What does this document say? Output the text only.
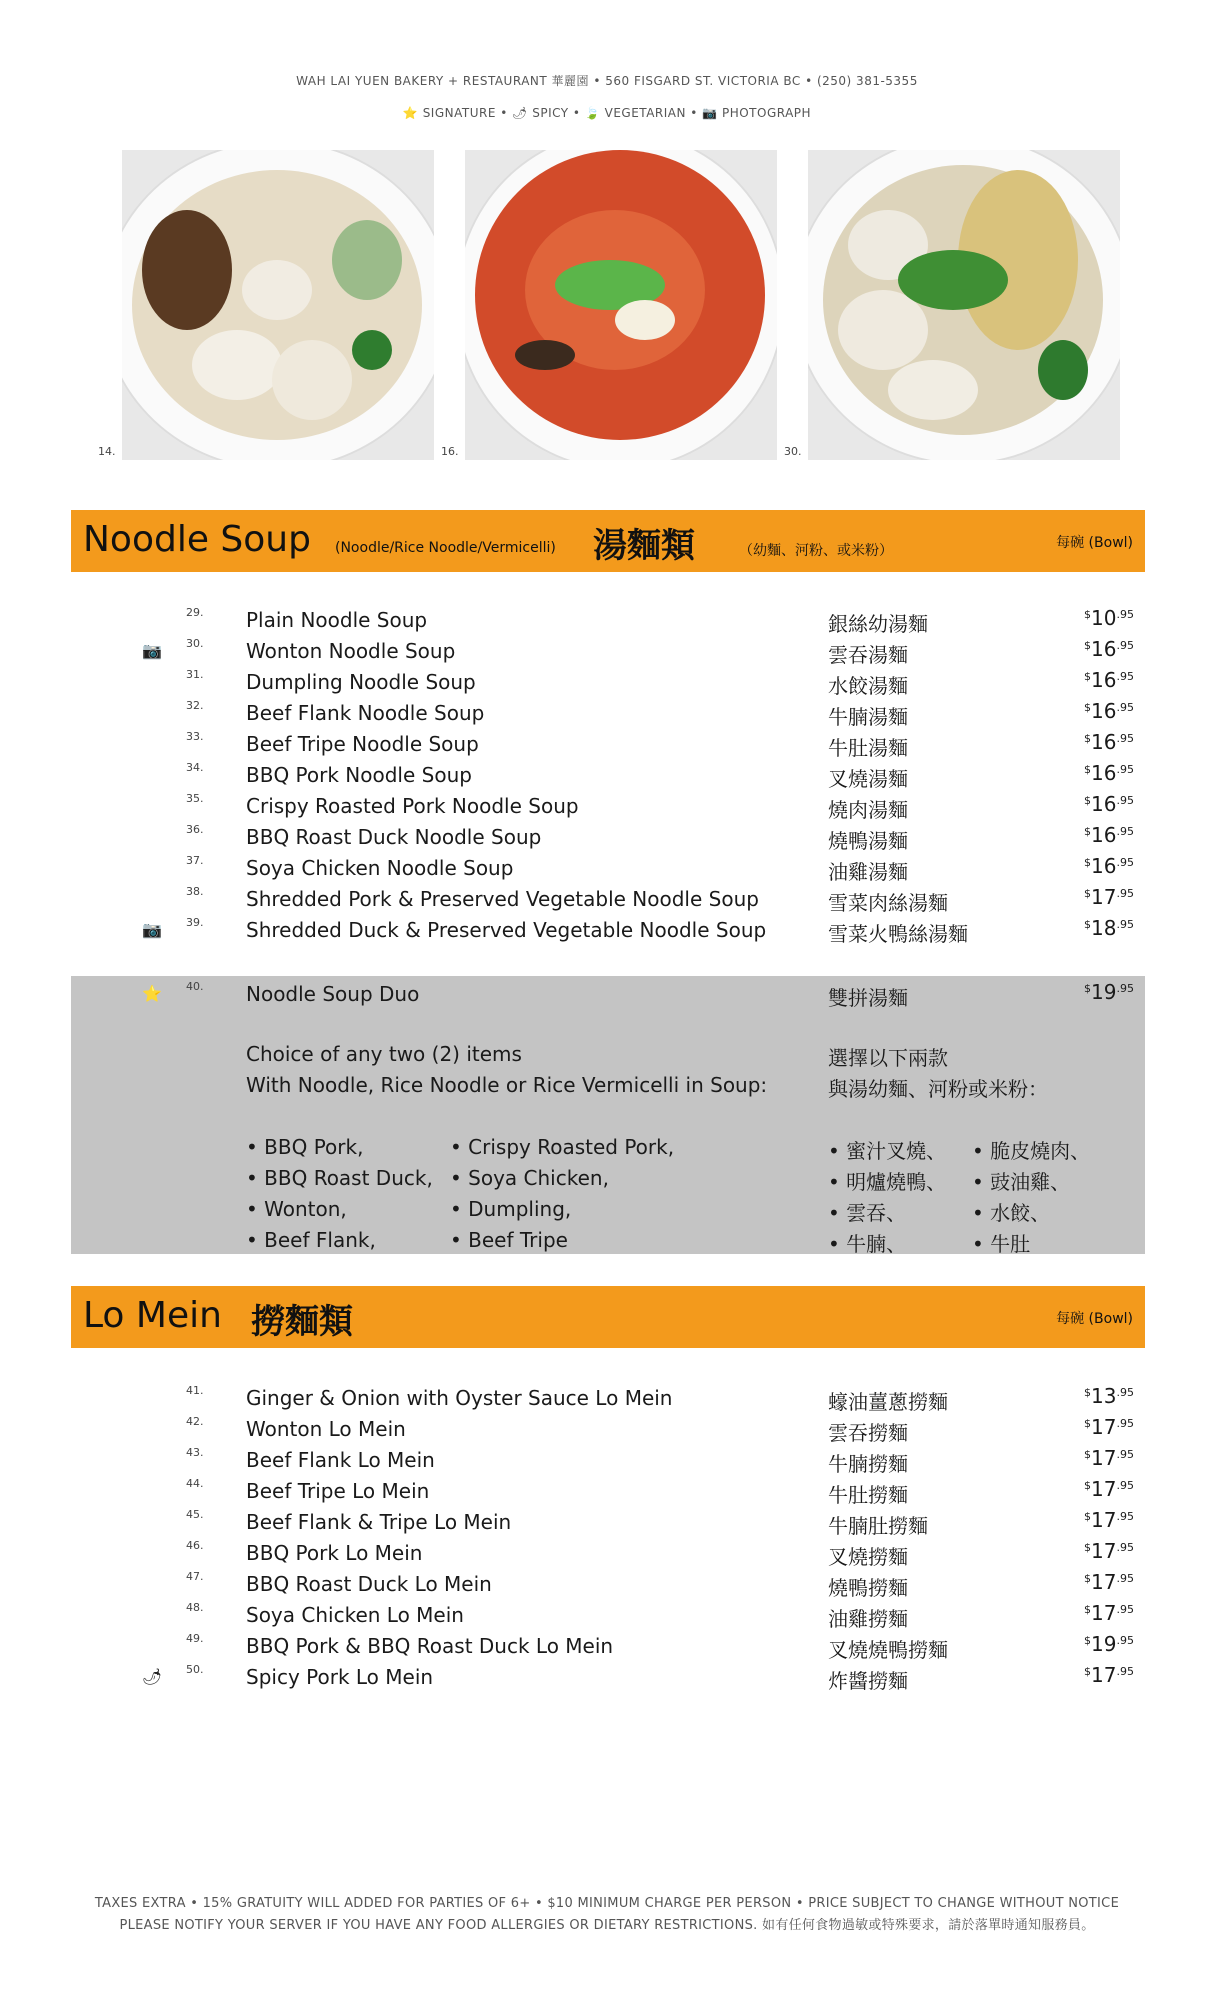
WAH LAI YUEN BAKERY + RESTAURANT 華麗園 • 560 FISGARD ST. VICTORIA BC • (250) 381-5355
⭐ SIGNATURE • 🌶 SPICY • 🍃 VEGETARIAN • 📷 PHOTOGRAPH
14.	16.	30.
Noodle Soup (Noodle/Rice Noodle/Vermicelli) 湯麵類	（幼麵、河粉、或米粉）	每碗 (Bowl)
29. Plain Noodle Soup	銀絲幼湯麵	$^{\$}10^{.95}$
📷 30. Wonton Noodle Soup	雲吞湯麵	$^{\$}16^{.95}$
31. Dumpling Noodle Soup	水餃湯麵	$^{\$}16^{.95}$
32. Beef Flank Noodle Soup	牛腩湯麵	$^{\$}16^{.95}$
33. Beef Tripe Noodle Soup	牛肚湯麵	$^{\$}16^{.95}$
34. BBQ Pork Noodle Soup	叉燒湯麵	$^{\$}16^{.95}$
35. Crispy Roasted Pork Noodle Soup	燒肉湯麵	$^{\$}16^{.95}$
36. BBQ Roast Duck Noodle Soup	燒鴨湯麵	$^{\$}16^{.95}$
37. Soya Chicken Noodle Soup	油雞湯麵	$^{\$}16^{.95}$
38. Shredded Pork & Preserved Vegetable Noodle Soup	雪菜肉絲湯麵	$^{\$}17^{.95}$
📷 39. Shredded Duck & Preserved Vegetable Noodle Soup	雪菜火鴨絲湯麵	$^{\$}18^{.95}$
⭐ 40. Noodle Soup Duo	雙拼湯麵	$^{\$}19^{.95}$
Choice of any two (2) items
With Noodle, Rice Noodle or Rice Vermicelli in Soup:
選擇以下兩款
與湯幼麵、河粉或米粉：
• BBQ Pork,
• BBQ Roast Duck,
• Wonton,
• Beef Flank,
• Crispy Roasted Pork,
• Soya Chicken,
• Dumpling,
• Beef Tripe
• 蜜汁叉燒、
• 明爐燒鴨、
• 雲吞、
• 牛腩、
• 脆皮燒肉、
• 豉油雞、
• 水餃、
• 牛肚
Lo Mein 撈麵類	每碗 (Bowl)
41. Ginger & Onion with Oyster Sauce Lo Mein	蠔油薑蔥撈麵	$^{\$}13^{.95}$
42. Wonton Lo Mein	雲吞撈麵	$^{\$}17^{.95}$
43. Beef Flank Lo Mein	牛腩撈麵	$^{\$}17^{.95}$
44. Beef Tripe Lo Mein	牛肚撈麵	$^{\$}17^{.95}$
45. Beef Flank & Tripe Lo Mein	牛腩肚撈麵	$^{\$}17^{.95}$
46. BBQ Pork Lo Mein	叉燒撈麵	$^{\$}17^{.95}$
47. BBQ Roast Duck Lo Mein	燒鴨撈麵	$^{\$}17^{.95}$
48. Soya Chicken Lo Mein	油雞撈麵	$^{\$}17^{.95}$
49. BBQ Pork & BBQ Roast Duck Lo Mein	叉燒燒鴨撈麵	$^{\$}19^{.95}$
🌶 50. Spicy Pork Lo Mein	炸醬撈麵	$^{\$}17^{.95}$
TAXES EXTRA • 15% GRATUITY WILL ADDED FOR PARTIES OF 6+ • $10 MINIMUM CHARGE PER PERSON • PRICE SUBJECT TO CHANGE WITHOUT NOTICE
PLEASE NOTIFY YOUR SERVER IF YOU HAVE ANY FOOD ALLERGIES OR DIETARY RESTRICTIONS. 如有任何食物過敏或特殊要求，請於落單時通知服務員。
